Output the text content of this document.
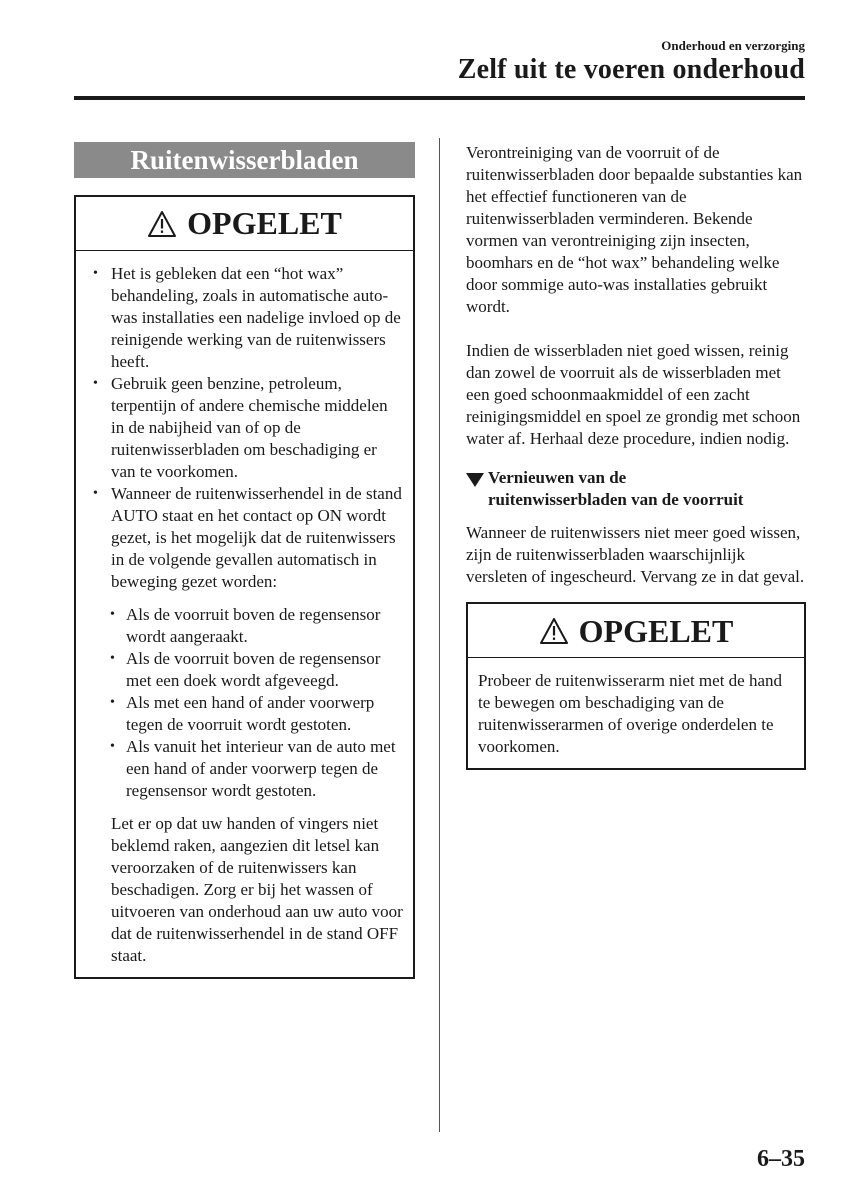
Onderhoud en verzorging
Zelf uit te voeren onderhoud
Ruitenwisserbladen
OPGELET
• Het is gebleken dat een “hot wax” behandeling, zoals in automatische auto-was installaties een nadelige invloed op de reinigende werking van de ruitenwissers heeft.
• Gebruik geen benzine, petroleum, terpentijn of andere chemische middelen in de nabijheid van of op de ruitenwisserbladen om beschadiging er van te voorkomen.
• Wanneer de ruitenwisserhendel in de stand AUTO staat en het contact op ON wordt gezet, is het mogelijk dat de ruitenwissers in de volgende gevallen automatisch in beweging gezet worden:
• Als de voorruit boven de regensensor wordt aangeraakt.
• Als de voorruit boven de regensensor met een doek wordt afgeveegd.
• Als met een hand of ander voorwerp tegen de voorruit wordt gestoten.
• Als vanuit het interieur van de auto met een hand of ander voorwerp tegen de regensensor wordt gestoten.

Let er op dat uw handen of vingers niet beklemd raken, aangezien dit letsel kan veroorzaken of de ruitenwissers kan beschadigen. Zorg er bij het wassen of uitvoeren van onderhoud aan uw auto voor dat de ruitenwisserhendel in de stand OFF staat.

Verontreiniging van de voorruit of de ruitenwisserbladen door bepaalde substanties kan het effectief functioneren van de ruitenwisserbladen verminderen. Bekende vormen van verontreiniging zijn insecten, boomhars en de “hot wax” behandeling welke door sommige auto-was installaties gebruikt wordt.

Indien de wisserbladen niet goed wissen, reinig dan zowel de voorruit als de wisserbladen met een goed schoonmaakmiddel of een zacht reinigingsmiddel en spoel ze grondig met schoon water af. Herhaal deze procedure, indien nodig.

Vernieuwen van de
ruitenwisserbladen van de voorruit

Wanneer de ruitenwissers niet meer goed wissen, zijn de ruitenwisserbladen waarschijnlijk versleten of ingescheurd. Vervang ze in dat geval.

OPGELET

Probeer de ruitenwisserarm niet met de hand te bewegen om beschadiging van de ruitenwisserarmen of overige onderdelen te voorkomen.

6–35
